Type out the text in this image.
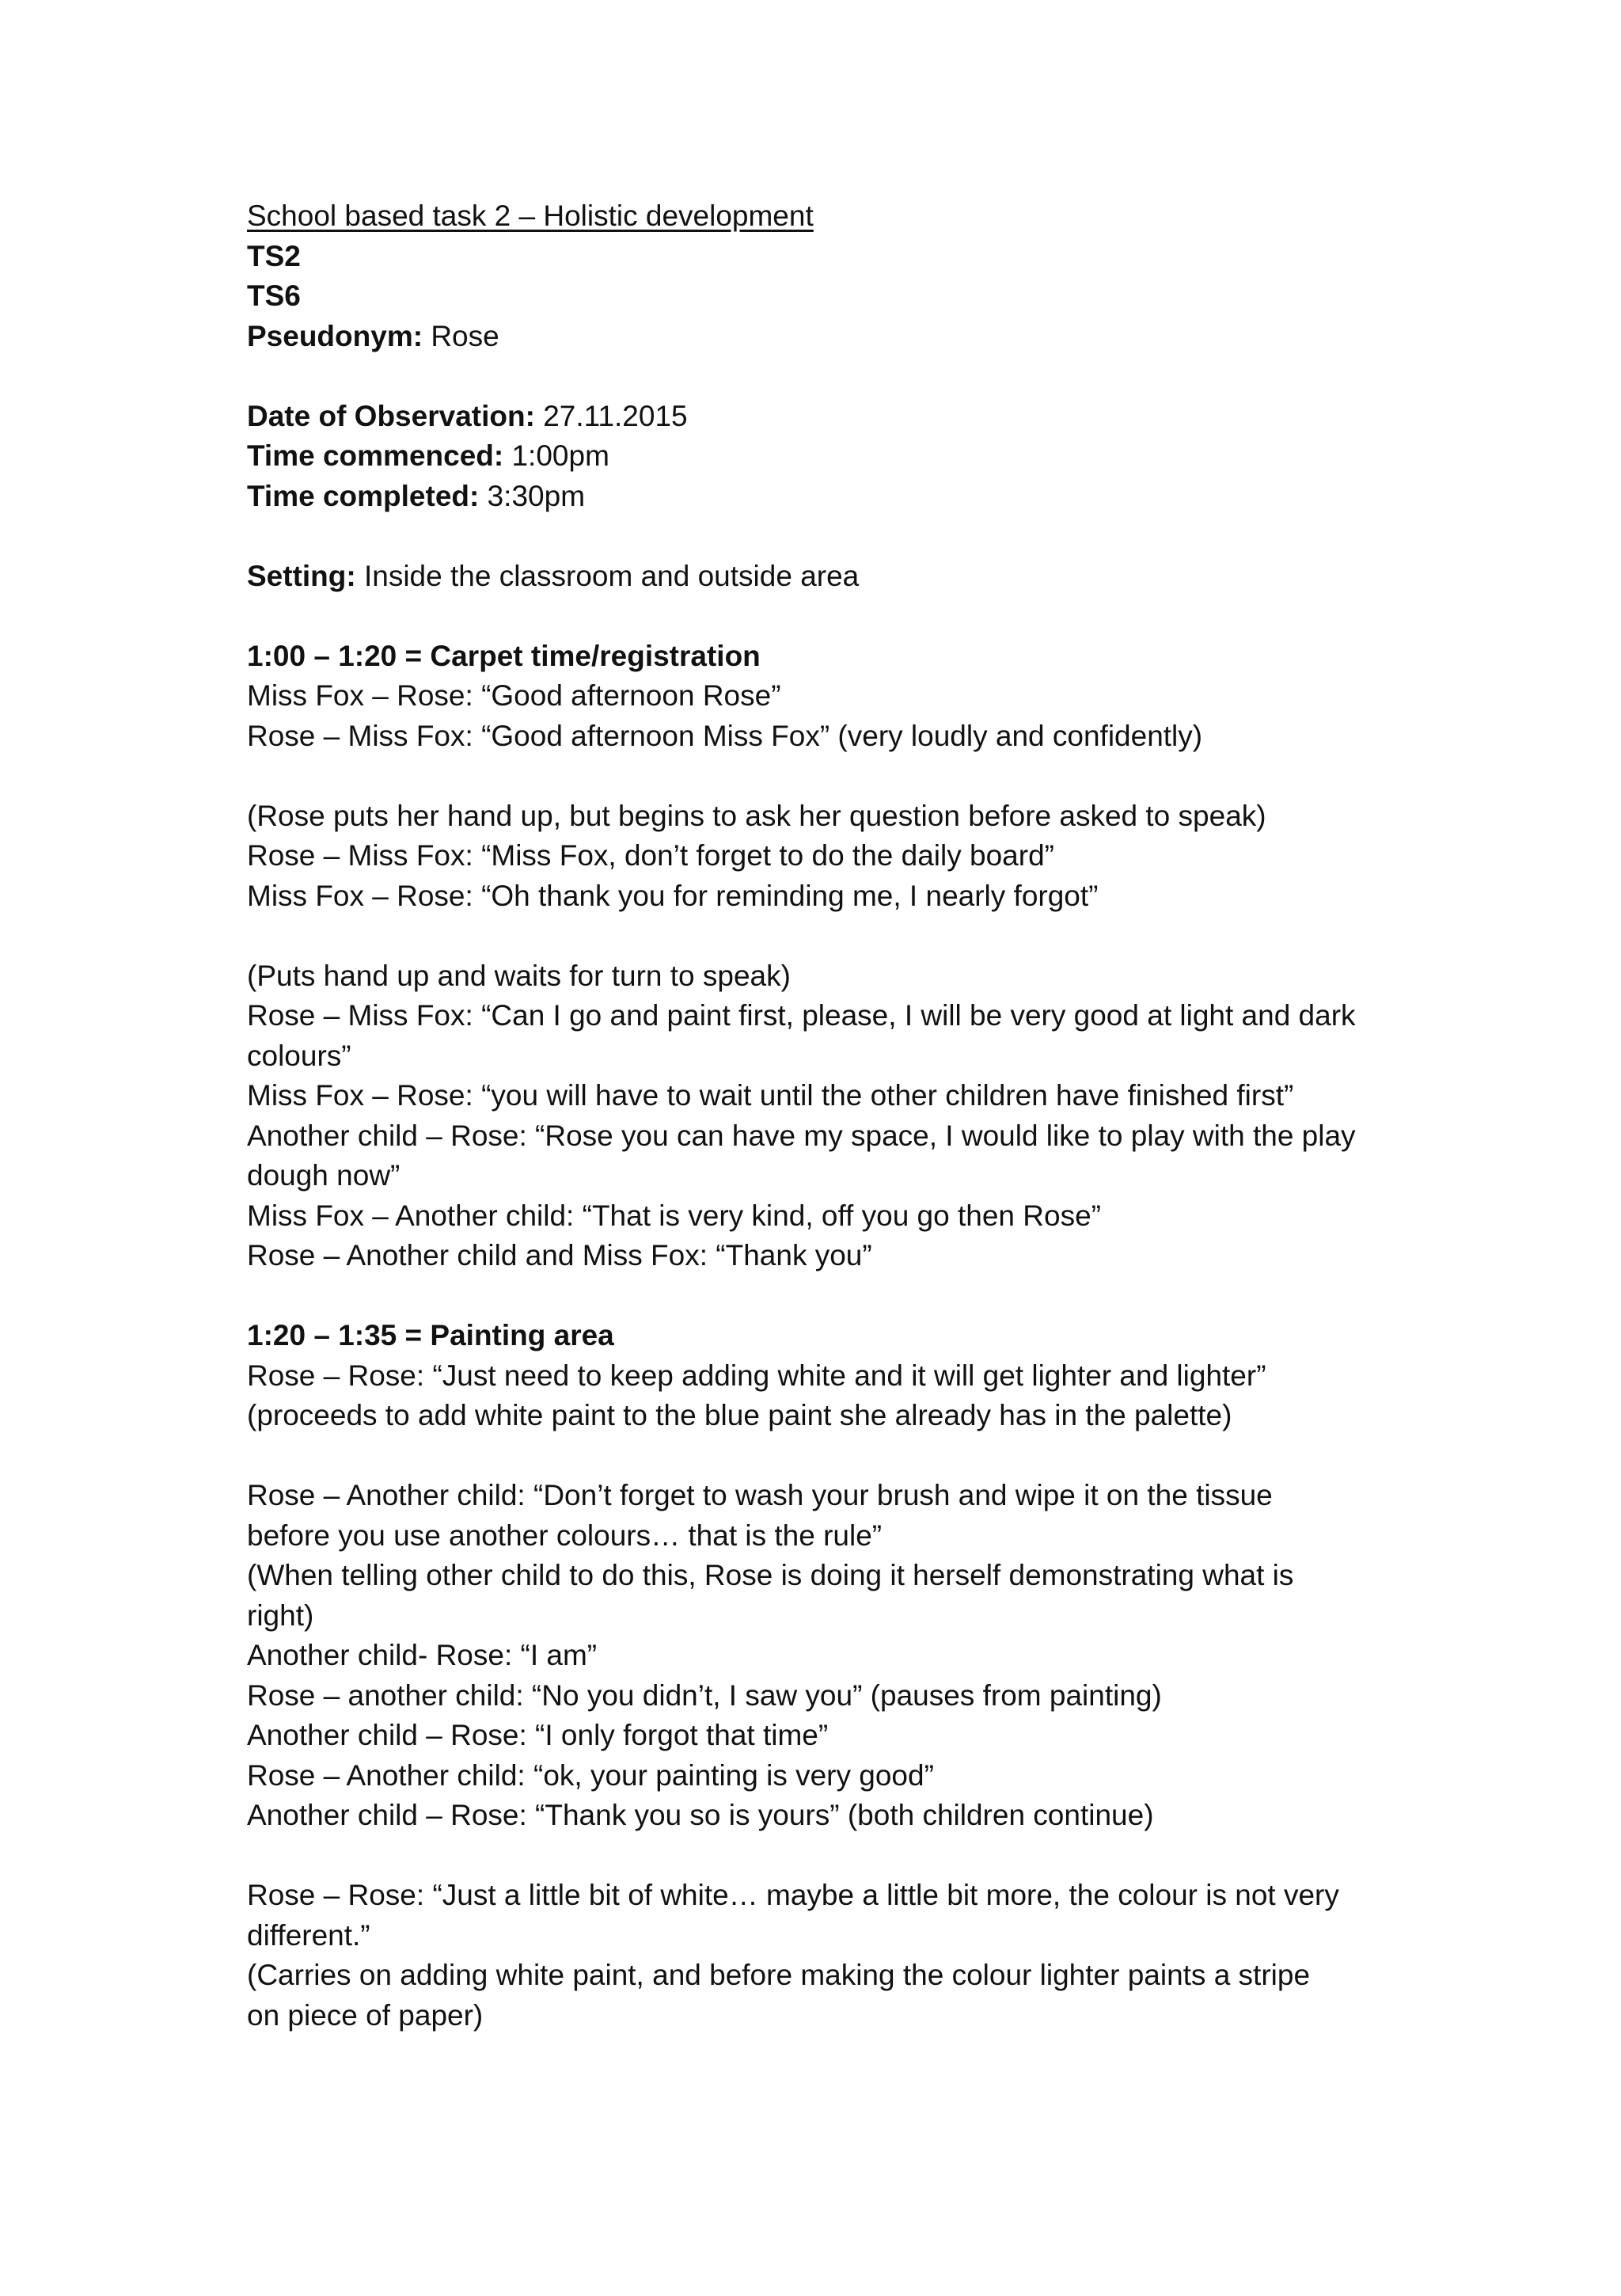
School based task 2 – Holistic development
TS2
TS6
Pseudonym: Rose
Date of Observation: 27.11.2015
Time commenced: 1:00pm
Time completed: 3:30pm
Setting: Inside the classroom and outside area
1:00 – 1:20 = Carpet time/registration
Miss Fox – Rose: “Good afternoon Rose”
Rose – Miss Fox: “Good afternoon Miss Fox” (very loudly and confidently)
(Rose puts her hand up, but begins to ask her question before asked to speak)
Rose – Miss Fox: “Miss Fox, don’t forget to do the daily board”
Miss Fox – Rose: “Oh thank you for reminding me, I nearly forgot”
(Puts hand up and waits for turn to speak)
Rose – Miss Fox: “Can I go and paint first, please, I will be very good at light and dark
colours”
Miss Fox – Rose: “you will have to wait until the other children have finished first”
Another child – Rose: “Rose you can have my space, I would like to play with the play
dough now”
Miss Fox – Another child: “That is very kind, off you go then Rose”
Rose – Another child and Miss Fox: “Thank you”
1:20 – 1:35 = Painting area
Rose – Rose: “Just need to keep adding white and it will get lighter and lighter”
(proceeds to add white paint to the blue paint she already has in the palette)
Rose – Another child: “Don’t forget to wash your brush and wipe it on the tissue
before you use another colours… that is the rule”
(When telling other child to do this, Rose is doing it herself demonstrating what is
right)
Another child- Rose: “I am”
Rose – another child: “No you didn’t, I saw you” (pauses from painting)
Another child – Rose: “I only forgot that time”
Rose – Another child: “ok, your painting is very good”
Another child – Rose: “Thank you so is yours” (both children continue)
Rose – Rose: “Just a little bit of white… maybe a little bit more, the colour is not very
different.”
(Carries on adding white paint, and before making the colour lighter paints a stripe
on piece of paper)
